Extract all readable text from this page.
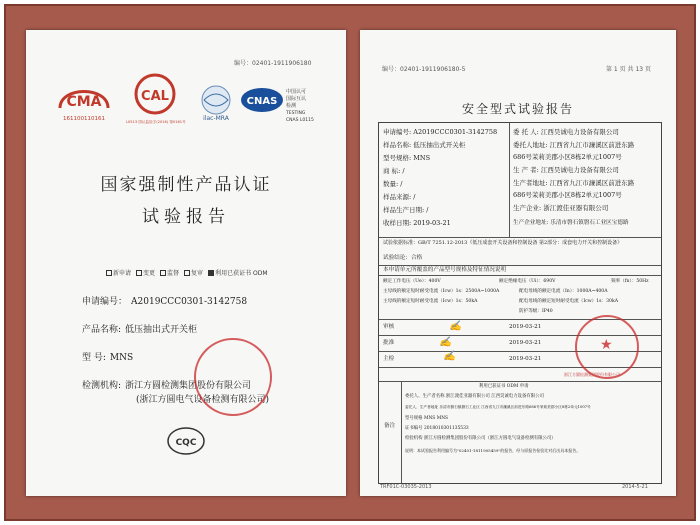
编号：02401-1911906180
CMA
161100110161
CAL
L0513 国认监检字(2016) 第0161号	ilac-MRA
CNAS
中国认可
国际互认
检测
TESTING
CNAS L0115
国家强制性产品认证
试验报告
新申请 变更 监督 复审 利用已获证书 ODM
申请编号： A2019CCC0301-3142758
产品名称: 低压抽出式开关柜
型 号: MNS
检测机构: 浙江方圆检测集团股份有限公司
(浙江方圆电气设备检测有限公司)
CQC
编号：02401-1911906180-5	第 1 页 共 13 页
安全型式试验报告
申请编号: A2019CCC0301-3142758
样品名称: 低压抽出式开关柜
型号规格: MNS
商 标: /
数量: /
样品来源: /
样品生产日期: /
收样日期: 2019-03-21
委 托 人: 江西昊诚电力设备有限公司
委托人地址: 江西省九江市濂溪区前进东路
686号茉莉美郡小区8栋2单元1007号
生 产 者: 江西昊诚电力设备有限公司
生产者地址: 江西省九江市濂溪区前进东路
686号茉莉美郡小区8栋2单元1007号
生产企业: 浙江渡佳亚器有限公司
生产企业地址: 乐清市磐石镇磐石工业区宝德路
试验依据标准：GB/T 7251.12-2013《低压成套开关设备和控制设备 第2部分：成套电力开关和控制设备》
试验结论：合格
本申请单元所覆盖的产品型号规格及特征情况说明
额定工作电压（Ue）：400V	额定绝缘电压（Ui）：690V	频率（fn）：50Hz
主母线的额定短时耐受电流（Icw）1s：2500A~1000A	配电母线的额定电流（In）：1000A~400A
主母线的额定短时耐受电流（Icw）1s：50kA	配电母线的额定短时耐受电流（Icw）1s：30kA
防护等级：IP40
审核	✍	2019-03-21
批准	✍	2019-03-21
主检	✍	2019-03-21
★
浙江方圆检测集团股份有限公司
备注
利用已获证书 ODM 申请
委托人、生产者名称 浙江渡佳亚器有限公司 江西昊诚电力设备有限公司
委托人、生产者地址 乐清市磐石镇磐石工业区 江西省九江市濂溪区前进东路686号茉莉美郡小区8栋2单元1007号
型号规格 MNS MNS
证书编号 2018010301135533
检验机构 浙江方圆检测集团股份有限公司（浙江方圆电气设备检测有限公司）
说明：本试验报告利用编号为"02401-1811905459"的报告，经与原报告检验比对后出具本报告。
TRF01C-03035-2013	2014-5-21
